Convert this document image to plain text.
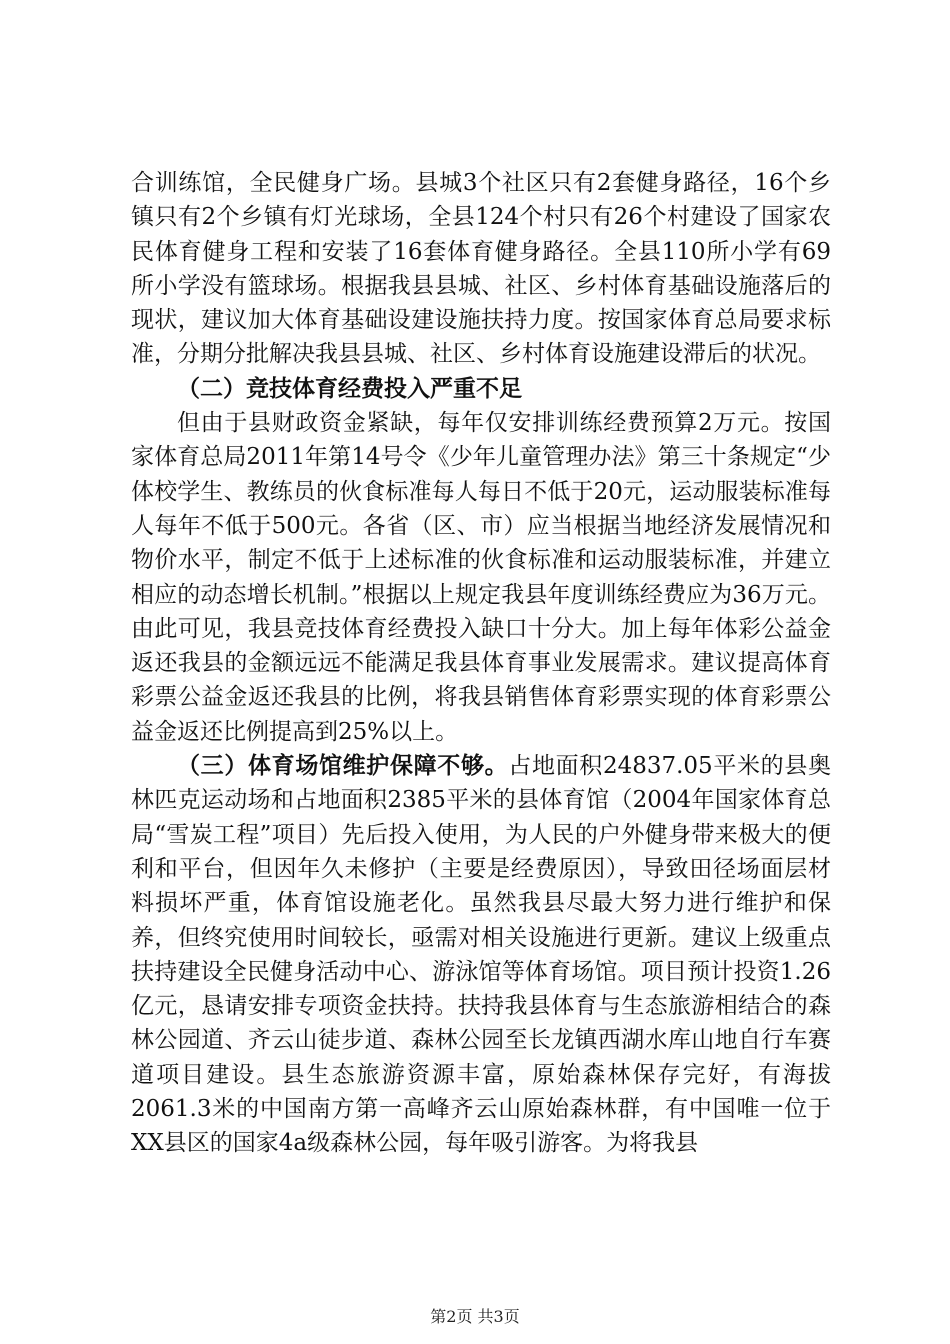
合训练馆，全民健身广场。县城3个社区只有2套健身路径，16个乡镇只有2个乡镇有灯光球场，全县124个村只有26个村建设了国家农民体育健身工程和安装了16套体育健身路径。全县110所小学有69所小学没有篮球场。根据我县县城、社区、乡村体育基础设施落后的现状，建议加大体育基础设建设施扶持力度。按国家体育总局要求标准，分期分批解决我县县城、社区、乡村体育设施建设滞后的状况。

（二）竞技体育经费投入严重不足

但由于县财政资金紧缺，每年仅安排训练经费预算2万元。按国家体育总局2011年第14号令《少年儿童管理办法》第三十条规定“少体校学生、教练员的伙食标准每人每日不低于20元，运动服装标准每人每年不低于500元。各省（区、市）应当根据当地经济发展情况和物价水平，制定不低于上述标准的伙食标准和运动服装标准，并建立相应的动态增长机制。”根据以上规定我县年度训练经费应为36万元。由此可见，我县竞技体育经费投入缺口十分大。加上每年体彩公益金返还我县的金额远远不能满足我县体育事业发展需求。建议提高体育彩票公益金返还我县的比例，将我县销售体育彩票实现的体育彩票公益金返还比例提高到25%以上。

（三）体育场馆维护保障不够。占地面积24837.05平米的县奥林匹克运动场和占地面积2385平米的县体育馆（2004年国家体育总局“雪炭工程”项目）先后投入使用，为人民的户外健身带来极大的便利和平台，但因年久未修护（主要是经费原因），导致田径场面层材料损坏严重，体育馆设施老化。虽然我县尽最大努力进行维护和保养，但终究使用时间较长，亟需对相关设施进行更新。建议上级重点扶持建设全民健身活动中心、游泳馆等体育场馆。项目预计投资1.26亿元，恳请安排专项资金扶持。扶持我县体育与生态旅游相结合的森林公园道、齐云山徒步道、森林公园至长龙镇西湖水库山地自行车赛道项目建设。县生态旅游资源丰富，原始森林保存完好，有海拔2061.3米的中国南方第一高峰齐云山原始森林群，有中国唯一位于XX县区的国家4a级森林公园，每年吸引游客。为将我县

第2页 共3页
